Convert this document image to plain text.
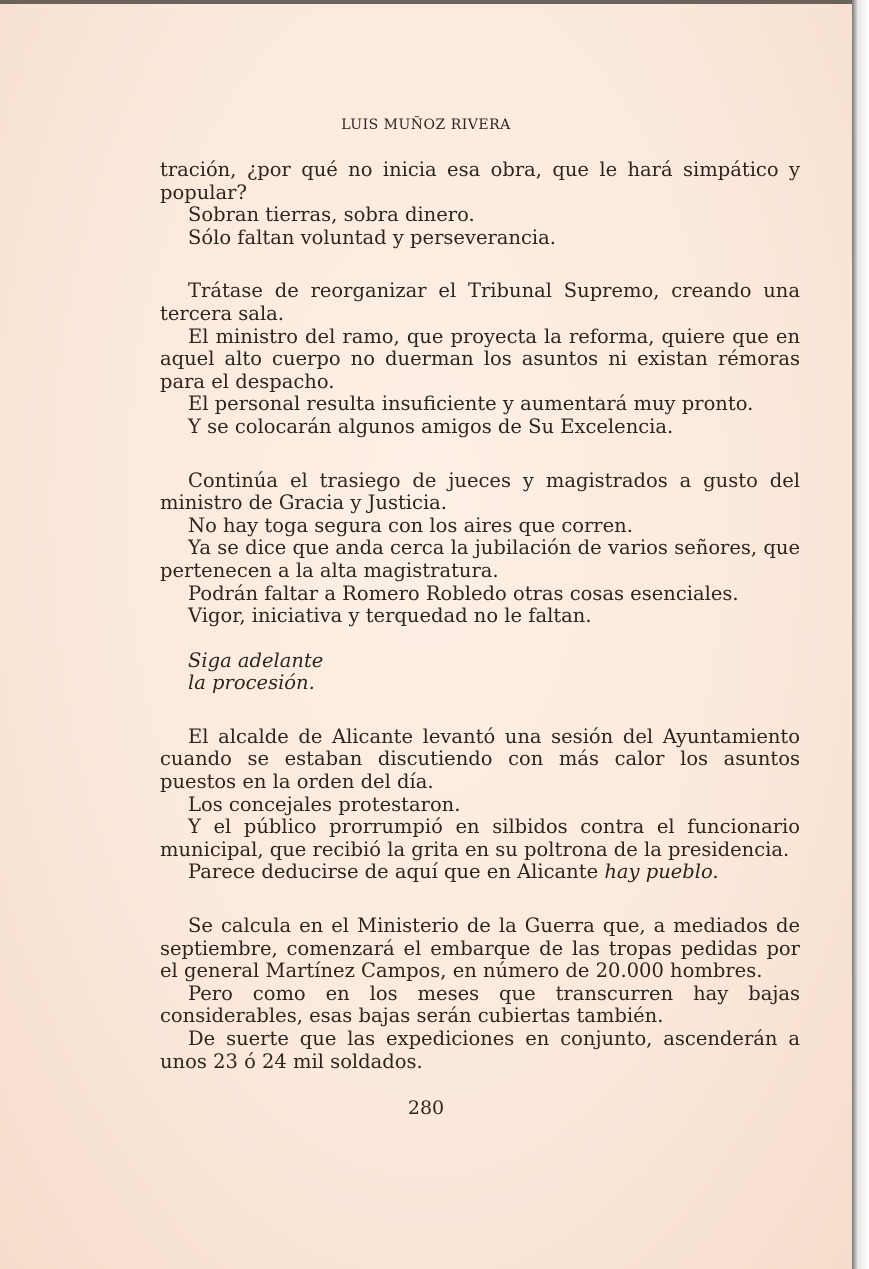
LUIS MUÑOZ RIVERA

tración, ¿por qué no inicia esa obra, que le hará simpático y popular?

Sobran tierras, sobra dinero.

Sólo faltan voluntad y perseverancia.

Trátase de reorganizar el Tribunal Supremo, creando una tercera sala.

El ministro del ramo, que proyecta la reforma, quiere que en aquel alto cuerpo no duerman los asuntos ni existan rémoras para el despacho.

El personal resulta insuficiente y aumentará muy pronto.

Y se colocarán algunos amigos de Su Excelencia.

Continúa el trasiego de jueces y magistrados a gusto del ministro de Gracia y Justicia.

No hay toga segura con los aires que corren.

Ya se dice que anda cerca la jubilación de varios señores, que pertenecen a la alta magistratura.

Podrán faltar a Romero Robledo otras cosas esenciales.

Vigor, iniciativa y terquedad no le faltan.

Siga adelante

la procesión.

El alcalde de Alicante levantó una sesión del Ayuntamiento cuando se estaban discutiendo con más calor los asuntos puestos en la orden del día.

Los concejales protestaron.

Y el público prorrumpió en silbidos contra el funcionario municipal, que recibió la grita en su poltrona de la presidencia.

Parece deducirse de aquí que en Alicante hay pueblo.

Se calcula en el Ministerio de la Guerra que, a mediados de septiembre, comenzará el embarque de las tropas pedidas por el general Martínez Campos, en número de 20.000 hombres.

Pero como en los meses que transcurren hay bajas considerables, esas bajas serán cubiertas también.

De suerte que las expediciones en conjunto, ascenderán a unos 23 ó 24 mil soldados.

280
